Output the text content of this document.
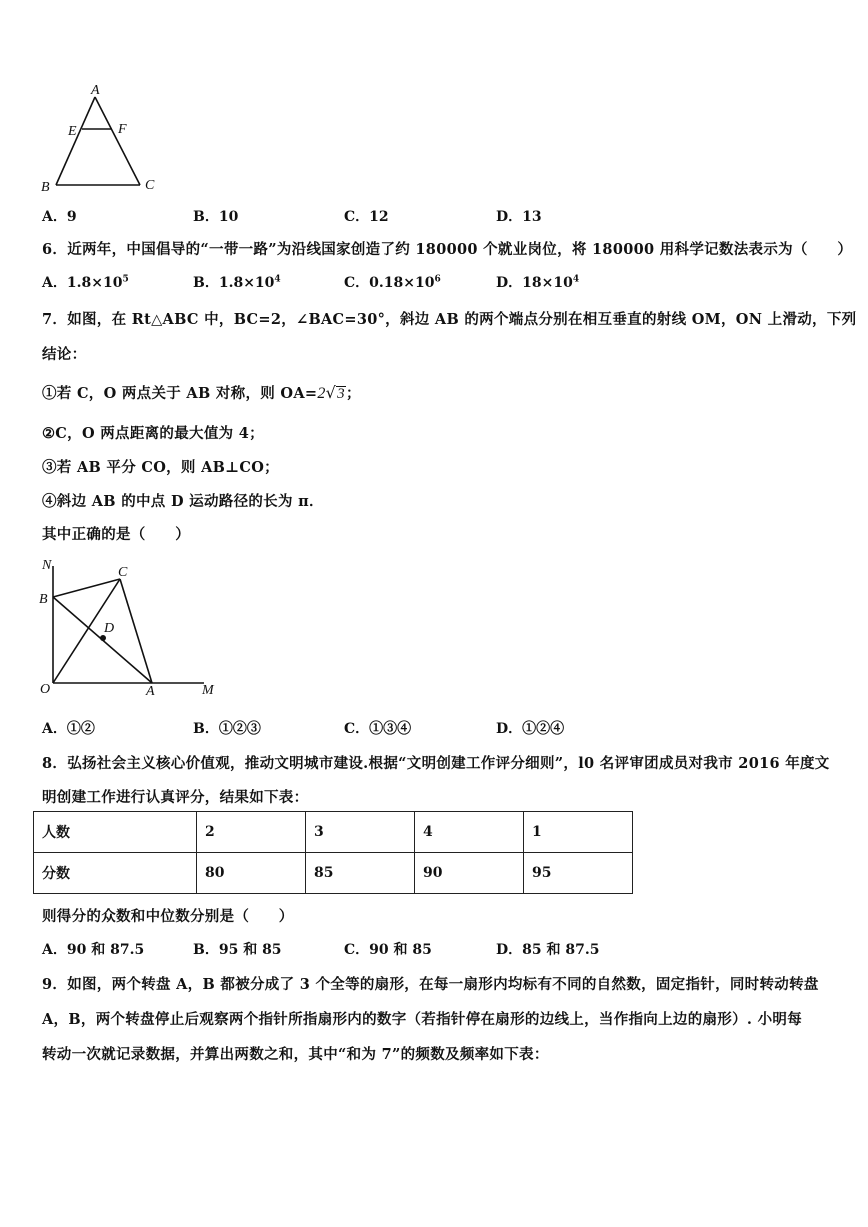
A
E	F
B	C
A．9	B．10	C．12	D．13
6．近两年，中国倡导的“一带一路”为沿线国家创造了约 180000 个就业岗位，将 180000 用科学记数法表示为（　　）
A．$1.8\times 10^5$	B．$1.8\times 10^4$	C．$0.18\times 10^6$	D．$18\times 10^4$
7．如图，在 Rt△ABC 中，BC=2，∠BAC=30°，斜边 AB 的两个端点分别在相互垂直的射线 OM，ON 上滑动，下列
结论：
①若 C，O 两点关于 AB 对称，则 OA=2√3；
②C，O 两点距离的最大值为 4；
③若 AB 平分 CO，则 AB⊥CO；
④斜边 AB 的中点 D 运动路径的长为 π．
其中正确的是（　　）
N	C
B
D
O	A	M
A．①②	B．①②③	C．①③④	D．①②④
8．弘扬社会主义核心价值观，推动文明城市建设.根据“文明创建工作评分细则”，l0 名评审团成员对我市 2016 年度文
明创建工作进行认真评分，结果如下表：
人数	2	3	4	1
分数	80	85	90	95
则得分的众数和中位数分别是（　　）
A．90 和 87.5	B．95 和 85	C．90 和 85	D．85 和 87.5
9．如图，两个转盘 A，B 都被分成了 3 个全等的扇形，在每一扇形内均标有不同的自然数，固定指针，同时转动转盘
A，B，两个转盘停止后观察两个指针所指扇形内的数字（若指针停在扇形的边线上，当作指向上边的扇形）. 小明每
转动一次就记录数据，并算出两数之和，其中“和为 7”的频数及频率如下表：
